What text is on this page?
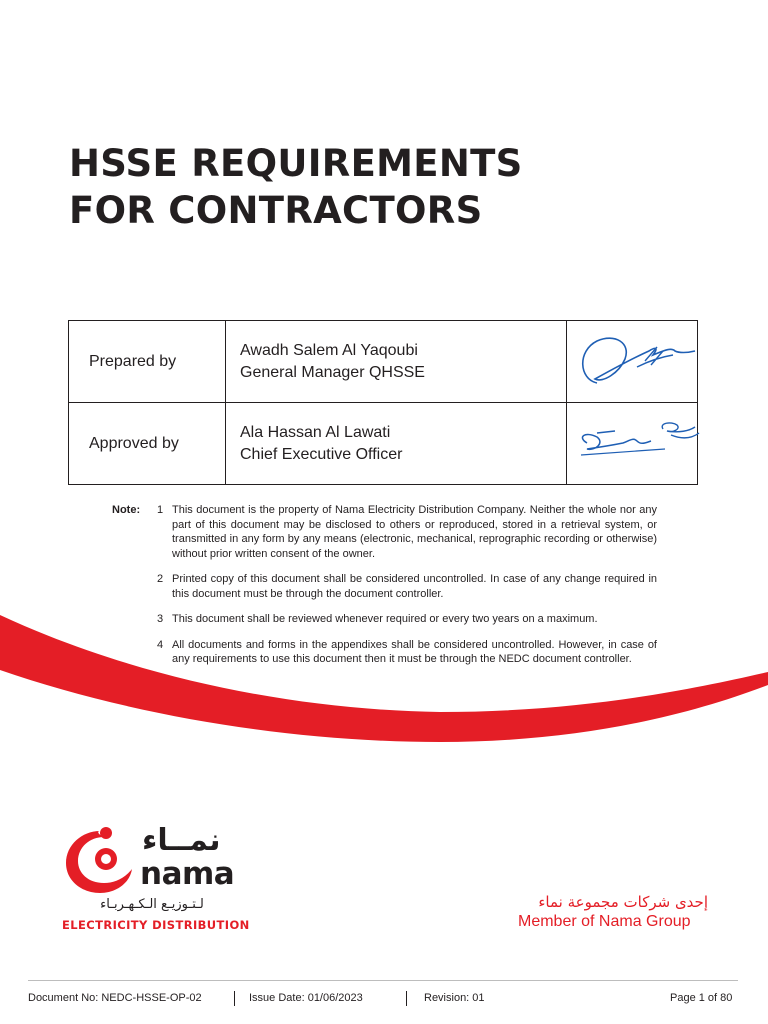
HSSE REQUIREMENTS
FOR CONTRACTORS
Prepared by	Awadh Salem Al Yaqoubi
General Manager QHSSE

Approved by	Ala Hassan Al Lawati
Chief Executive Officer

Note:	1 This document is the property of Nama Electricity Distribution Company. Neither the whole nor any part of this document may be disclosed to others or reproduced, stored in a retrieval system, or transmitted in any form by any means (electronic, mechanical, reprographic recording or otherwise) without prior written consent of the owner.
2 Printed copy of this document shall be considered uncontrolled. In case of any change required in this document must be through the document controller.
3 This document shall be reviewed whenever required or every two years on a maximum.
4 All documents and forms in the appendixes shall be considered uncontrolled. However, in case of any requirements to use this document then it must be through the NEDC document controller.
نمــاء
nama
لـتـوزيـع الـكـهـربـاء
ELECTRICITY DISTRIBUTION
إحدى شركات مجموعة نماء
Member of Nama Group
Document No: NEDC-HSSE-OP-02	Issue Date: 01/06/2023	Revision: 01	Page 1 of 80
